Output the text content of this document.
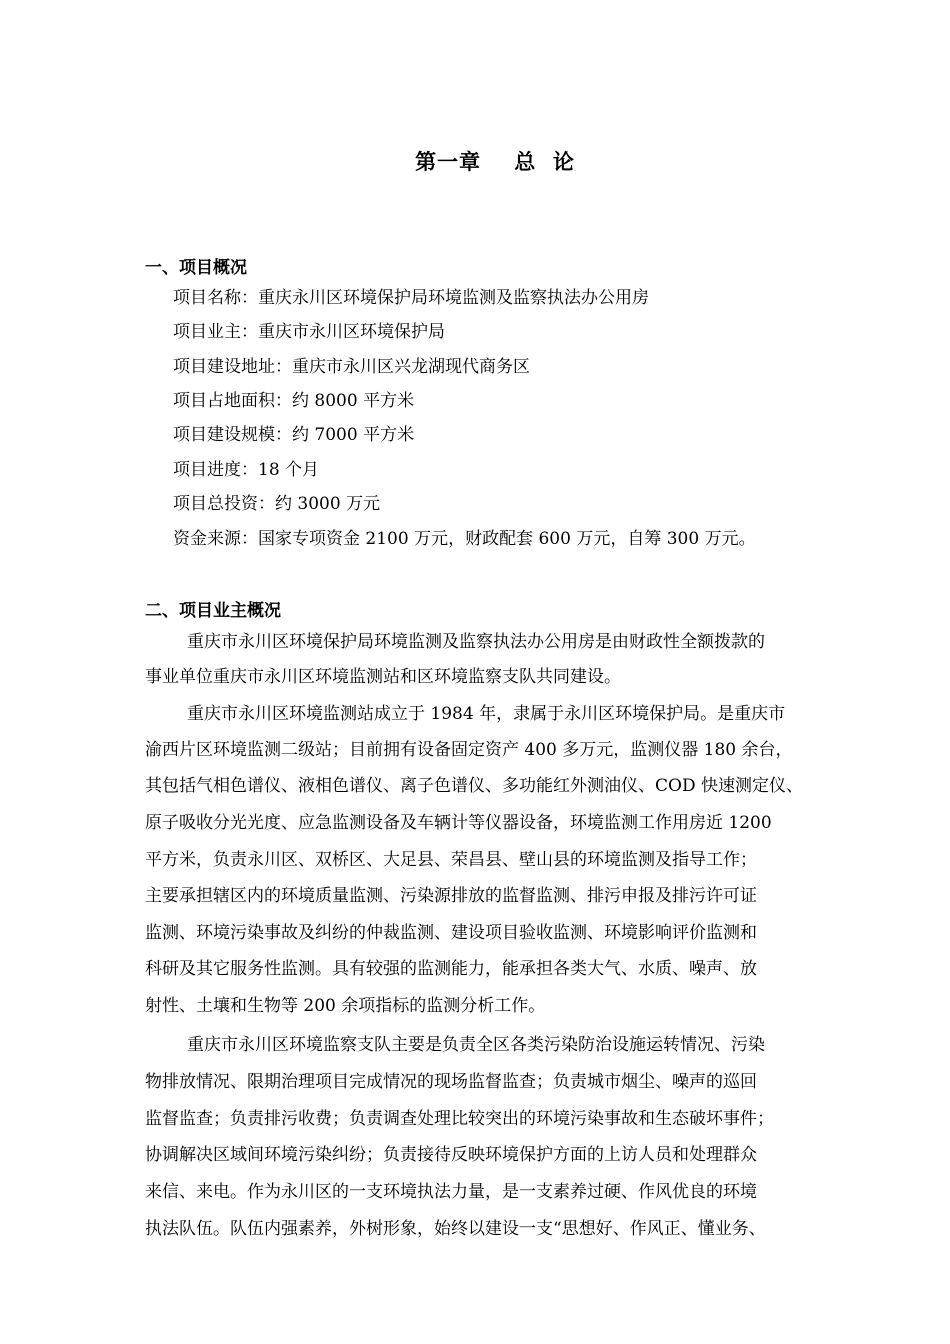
第一章    总  论
一、项目概况
项目名称：重庆永川区环境保护局环境监测及监察执法办公用房
项目业主：重庆市永川区环境保护局
项目建设地址：重庆市永川区兴龙湖现代商务区
项目占地面积：约 8000 平方米
项目建设规模：约 7000 平方米
项目进度：18 个月
项目总投资：约 3000 万元
资金来源：国家专项资金 2100 万元，财政配套 600 万元，自筹 300 万元。
二、项目业主概况
重庆市永川区环境保护局环境监测及监察执法办公用房是由财政性全额拨款的
事业单位重庆市永川区环境监测站和区环境监察支队共同建设。
重庆市永川区环境监测站成立于 1984 年，隶属于永川区环境保护局。是重庆市
渝西片区环境监测二级站；目前拥有设备固定资产 400 多万元，监测仪器 180 余台，
其包括气相色谱仪、液相色谱仪、离子色谱仪、多功能红外测油仪、COD 快速测定仪、
原子吸收分光光度、应急监测设备及车辆计等仪器设备，环境监测工作用房近 1200
平方米，负责永川区、双桥区、大足县、荣昌县、壁山县的环境监测及指导工作；
主要承担辖区内的环境质量监测、污染源排放的监督监测、排污申报及排污许可证
监测、环境污染事故及纠纷的仲裁监测、建设项目验收监测、环境影响评价监测和
科研及其它服务性监测。具有较强的监测能力，能承担各类大气、水质、噪声、放
射性、土壤和生物等 200 余项指标的监测分析工作。
重庆市永川区环境监察支队主要是负责全区各类污染防治设施运转情况、污染
物排放情况、限期治理项目完成情况的现场监督监查；负责城市烟尘、噪声的巡回
监督监查；负责排污收费；负责调查处理比较突出的环境污染事故和生态破坏事件；
协调解决区域间环境污染纠纷；负责接待反映环境保护方面的上访人员和处理群众
来信、来电。作为永川区的一支环境执法力量，是一支素养过硬、作风优良的环境
执法队伍。队伍内强素养，外树形象，始终以建设一支“思想好、作风正、懂业务、
